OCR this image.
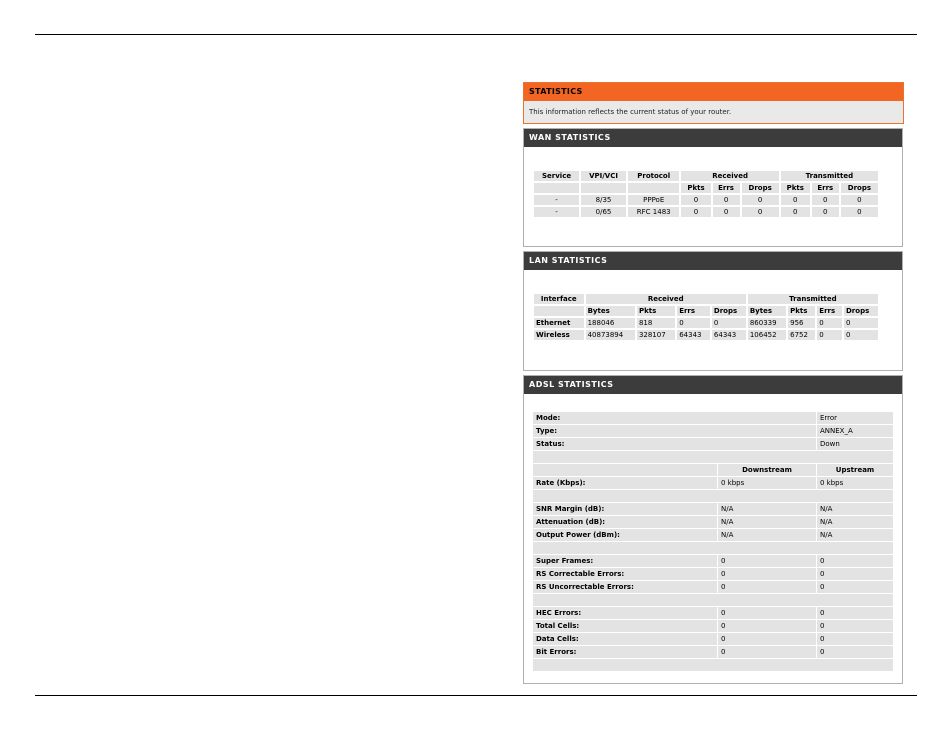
STATISTICS
This information reflects the current status of your router.
WAN STATISTICS
Service	VPI/VCI	Protocol	Received			Transmitted		
			Pkts	Errs	Drops	Pkts	Errs	Drops
-	8/35	PPPoE	0	0	0	0	0	0
-	0/65	RFC 1483	0	0	0	0	0	0
LAN STATISTICS
Interface	Received				Transmitted			
	Bytes	Pkts	Errs	Drops	Bytes	Pkts	Errs	Drops
Ethernet	188046	818	0	0	860339	956	0	0
Wireless	40873894	328107	64343	64343	106452	6752	0	0
ADSL STATISTICS
Mode:		Error
Type:		ANNEX_A
Status:		Down

	Downstream	Upstream
Rate (Kbps):	0 kbps	0 kbps

SNR Margin (dB):	N/A	N/A
Attenuation (dB):	N/A	N/A
Output Power (dBm):	N/A	N/A

Super Frames:	0	0
RS Correctable Errors:	0	0
RS Uncorrectable Errors:	0	0

HEC Errors:	0	0
Total Cells:	0	0
Data Cells:	0	0
Bit Errors:	0	0
